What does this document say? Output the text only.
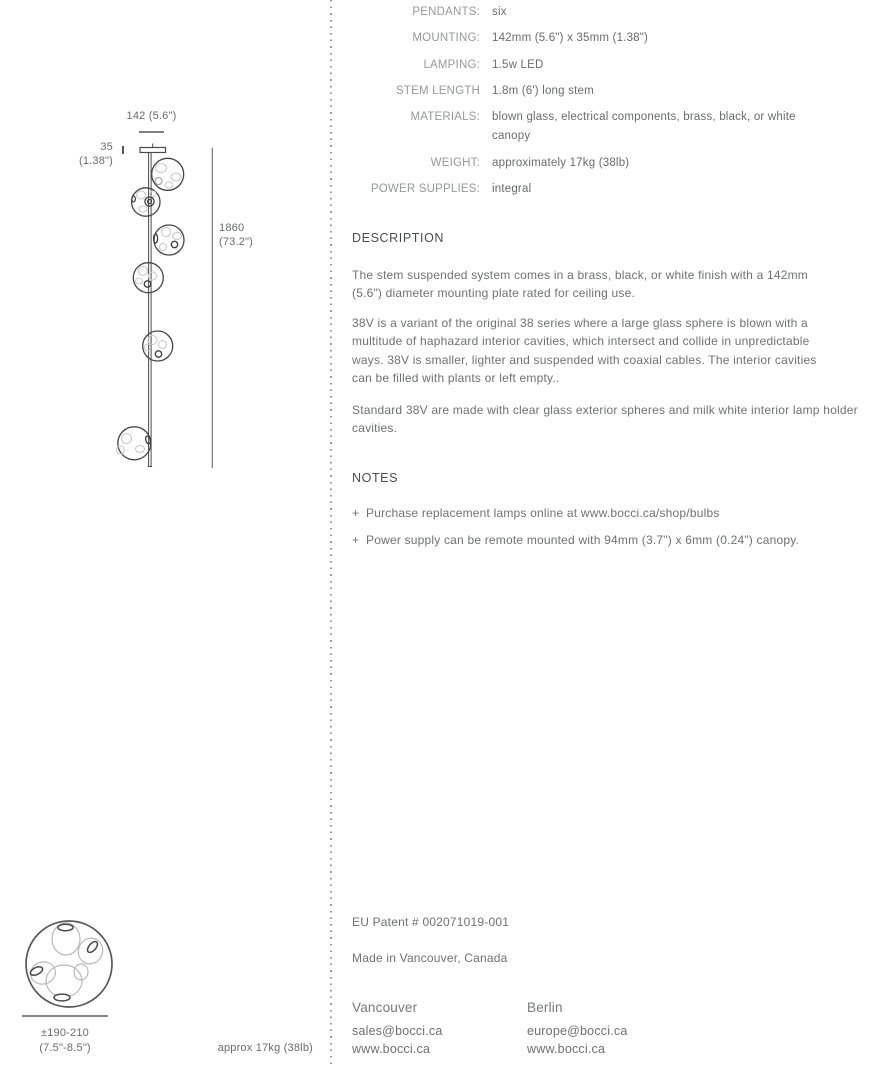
142 (5.6")
35
(1.38")
1860
(73.2")
±190-210
(7.5"-8.5")	approx 17kg (38lb)
PENDANTS: six
MOUNTING: 142mm (5.6") x 35mm (1.38")
LAMPING: 1.5w LED
STEM LENGTH 1.8m (6') long stem
MATERIALS: blown glass, electrical components, brass, black, or white canopy
WEIGHT: approximately 17kg (38lb)
POWER SUPPLIES: integral
DESCRIPTION

The stem suspended system comes in a brass, black, or white finish with a 142mm (5.6") diameter mounting plate rated for ceiling use.

38V is a variant of the original 38 series where a large glass sphere is blown with a multitude of haphazard interior cavities, which intersect and collide in unpredictable ways. 38V is smaller, lighter and suspended with coaxial cables. The interior cavities can be filled with plants or left empty..

Standard 38V are made with clear glass exterior spheres and milk white interior lamp holder cavities.

NOTES
+ Purchase replacement lamps online at www.bocci.ca/shop/bulbs
+ Power supply can be remote mounted with 94mm (3.7") x 6mm (0.24") canopy.

EU Patent # 002071019-001

Made in Vancouver, Canada

Vancouver
sales@bocci.ca
www.bocci.ca
Berlin
europe@bocci.ca
www.bocci.ca
